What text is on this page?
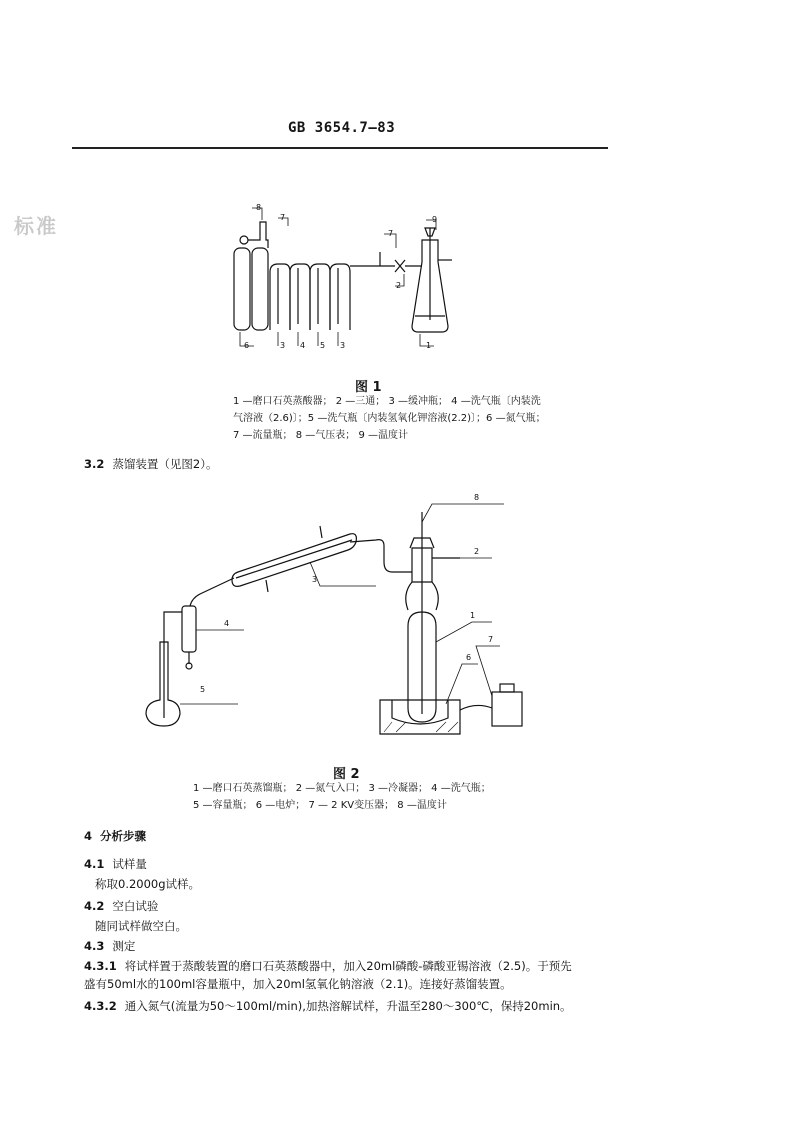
GB 3654.7—83
标准
8
7
7
9
2
6	3 4 5 3	1
图 1
1 —磨口石英蒸酸器； 2 —三通； 3 —缓冲瓶； 4 —洗气瓶〔内装洗
气溶液（2.6)〕；5 —洗气瓶〔内装氢氧化钾溶液(2.2)〕；6 —氮气瓶；
7 —流量瓶； 8 —气压表； 9 —温度计
3.2 蒸馏装置（见图2）。
8
2
3
4
5
1
6
7
图 2
1 —磨口石英蒸馏瓶； 2 —氮气入口； 3 —冷凝器； 4 —洗气瓶；
5 —容量瓶； 6 —电炉； 7 — 2 KV变压器； 8 —温度计
4 分析步骤
4.1 试样量
称取0.2000g试样。
4.2 空白试验
随同试样做空白。
4.3 测定
4.3.1 将试样置于蒸酸装置的磨口石英蒸酸器中，加入20ml磷酸-磷酸亚锡溶液（2.5)。于预先
盛有50ml水的100ml容量瓶中，加入20ml氢氧化钠溶液（2.1)。连接好蒸馏装置。
4.3.2 通入氮气(流量为50～100ml/min),加热溶解试样，升温至280～300℃，保持20min。
